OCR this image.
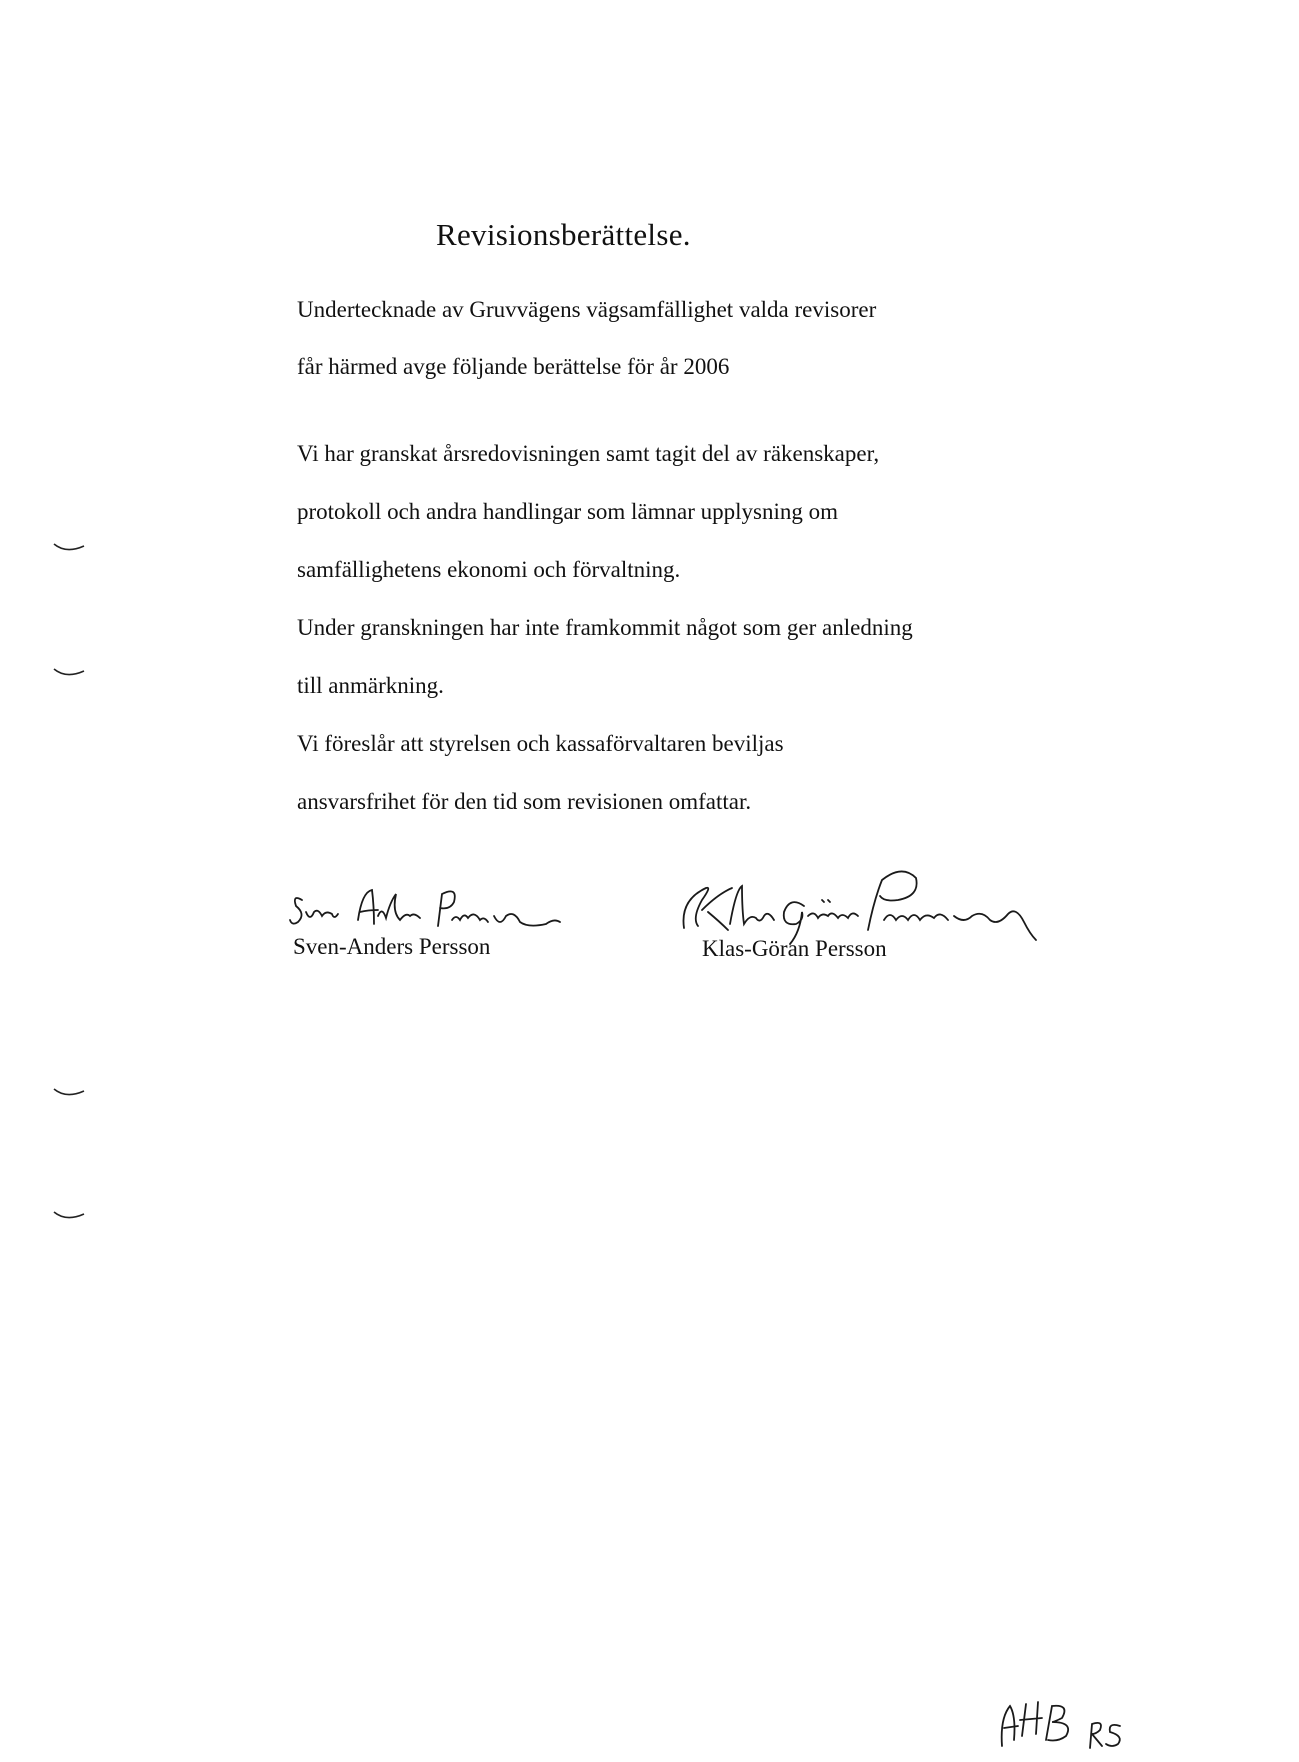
Revisionsberättelse.
Undertecknade av Gruvvägens vägsamfällighet valda revisorer
får härmed avge följande berättelse för år 2006
Vi har granskat årsredovisningen samt tagit del av räkenskaper,
protokoll och andra handlingar som lämnar upplysning om
samfällighetens ekonomi och förvaltning.
Under granskningen har inte framkommit något som ger anledning
till anmärkning.
Vi föreslår att styrelsen och kassaförvaltaren beviljas
ansvarsfrihet för den tid som revisionen omfattar.
Sven-Anders Persson	Klas-Göran Persson
